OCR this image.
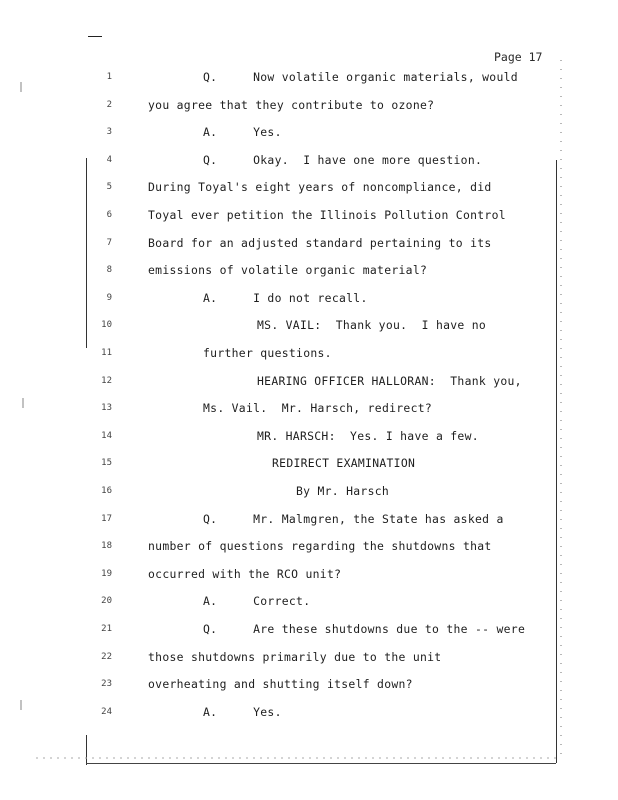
Page 17
1	Q.     Now volatile organic materials, would
2	you agree that they contribute to ozone?
3	A.     Yes.
4	Q.     Okay.  I have one more question.
5	During Toyal's eight years of noncompliance, did
6	Toyal ever petition the Illinois Pollution Control
7	Board for an adjusted standard pertaining to its
8	emissions of volatile organic material?
9	A.     I do not recall.
10	MS. VAIL:  Thank you.  I have no
11	further questions.
12	HEARING OFFICER HALLORAN:  Thank you,
13	Ms. Vail.  Mr. Harsch, redirect?
14	MR. HARSCH:  Yes. I have a few.
15	REDIRECT EXAMINATION
16	By Mr. Harsch
17	Q.     Mr. Malmgren, the State has asked a
18	number of questions regarding the shutdowns that
19	occurred with the RCO unit?
20	A.     Correct.
21	Q.     Are these shutdowns due to the -- were
22	those shutdowns primarily due to the unit
23	overheating and shutting itself down?
24	A.     Yes.
